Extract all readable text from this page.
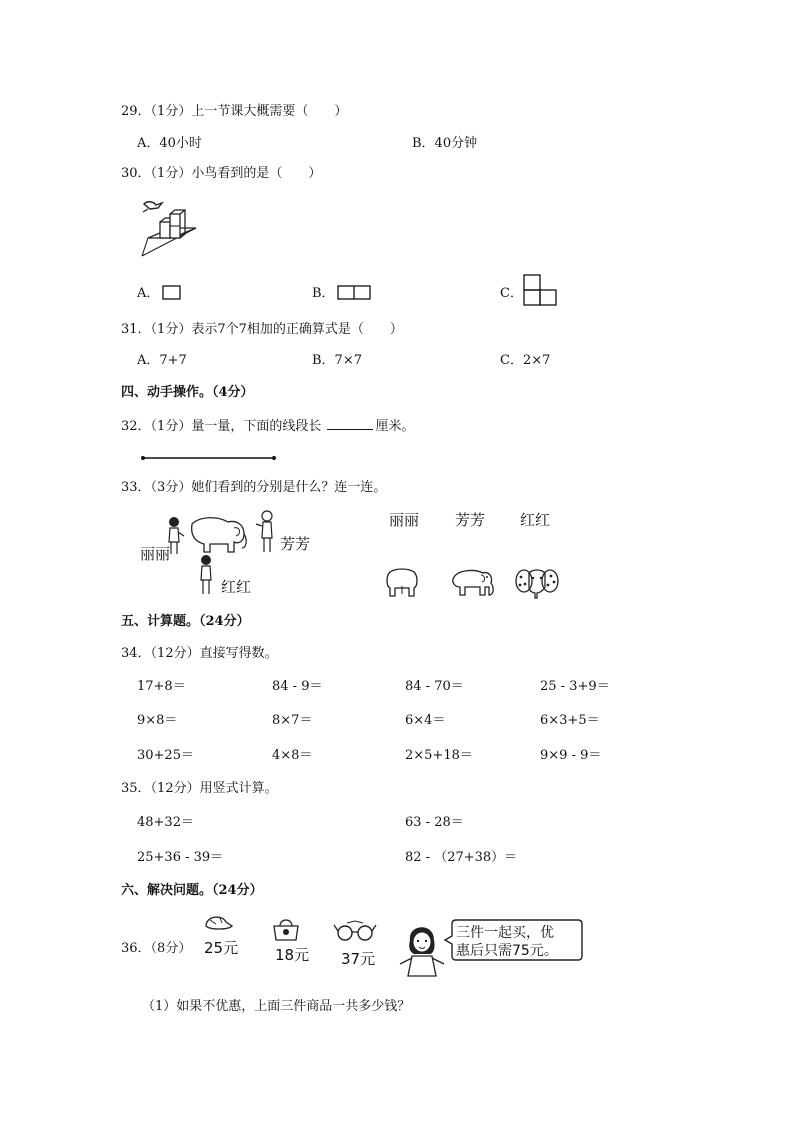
29．（1分）上一节课大概需要（　　）
A．40小时	B．40分钟
30．（1分）小鸟看到的是（　　）
A．	B．	C．
31．（1分）表示7个7相加的正确算式是（　　）
A．7+7	B．7×7	C．2×7
四、动手操作。（4分）
32．（1分）量一量，下面的线段长	厘米。
33．（3分）她们看到的分别是什么？连一连。
丽丽
芳芳
红红
丽丽 芳芳 红红
五、计算题。（24分）
34．（12分）直接写得数。
17+8＝	84 - 9＝	84 - 70＝	25 - 3+9＝
9×8＝	8×7＝	6×4＝	6×3+5＝
30+25＝	4×8＝	2×5+18＝	9×9 - 9＝
35．（12分）用竖式计算。
48+32＝	63 - 28＝
25+36 - 39＝	82 - （27+38）＝
六、解决问题。（24分）
36．（8分） 25元 18元 37元
三件一起买，优
惠后只需75元。
（1）如果不优惠，上面三件商品一共多少钱？
